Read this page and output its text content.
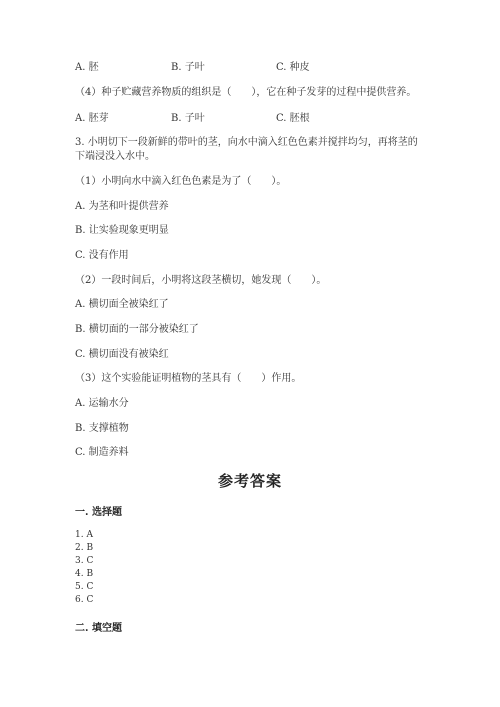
A. 胚	B. 子叶	C. 种皮
（4）种子贮藏营养物质的组织是（　　），它在种子发芽的过程中提供营养。
A. 胚芽	B. 子叶	C. 胚根
3. 小明切下一段新鲜的带叶的茎，向水中滴入红色色素并搅拌均匀，再将茎的
下端浸没入水中。
（1）小明向水中滴入红色色素是为了（　　）。
A. 为茎和叶提供营养
B. 让实验现象更明显
C. 没有作用
（2）一段时间后，小明将这段茎横切，她发现（　　）。
A. 横切面全被染红了
B. 横切面的一部分被染红了
C. 横切面没有被染红
（3）这个实验能证明植物的茎具有（　　）作用。
A. 运输水分
B. 支撑植物
C. 制造养料
参考答案
一. 选择题
1. A
2. B
3. C
4. B
5. C
6. C
二. 填空题
